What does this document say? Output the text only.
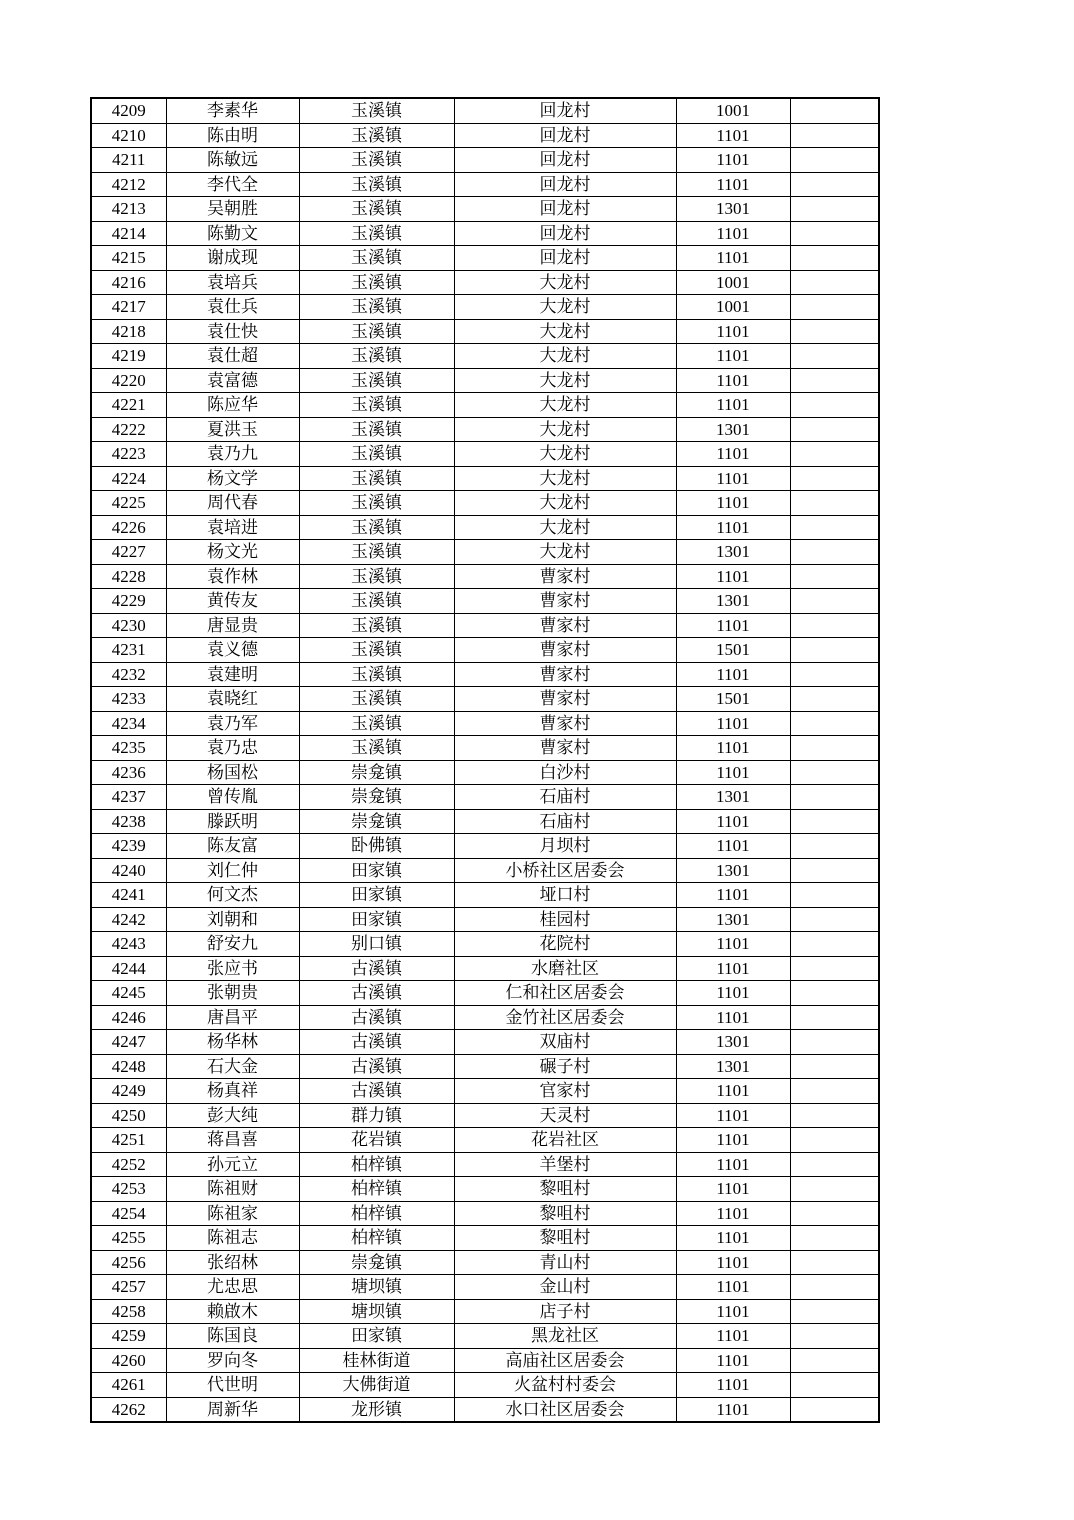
4209	李素华	玉溪镇	回龙村	1001	
4210	陈由明	玉溪镇	回龙村	1101	
4211	陈敏远	玉溪镇	回龙村	1101	
4212	李代全	玉溪镇	回龙村	1101	
4213	吴朝胜	玉溪镇	回龙村	1301	
4214	陈勤文	玉溪镇	回龙村	1101	
4215	谢成现	玉溪镇	回龙村	1101	
4216	袁培兵	玉溪镇	大龙村	1001	
4217	袁仕兵	玉溪镇	大龙村	1001	
4218	袁仕快	玉溪镇	大龙村	1101	
4219	袁仕超	玉溪镇	大龙村	1101	
4220	袁富德	玉溪镇	大龙村	1101	
4221	陈应华	玉溪镇	大龙村	1101	
4222	夏洪玉	玉溪镇	大龙村	1301	
4223	袁乃九	玉溪镇	大龙村	1101	
4224	杨文学	玉溪镇	大龙村	1101	
4225	周代春	玉溪镇	大龙村	1101	
4226	袁培进	玉溪镇	大龙村	1101	
4227	杨文光	玉溪镇	大龙村	1301	
4228	袁作林	玉溪镇	曹家村	1101	
4229	黄传友	玉溪镇	曹家村	1301	
4230	唐显贵	玉溪镇	曹家村	1101	
4231	袁义德	玉溪镇	曹家村	1501	
4232	袁建明	玉溪镇	曹家村	1101	
4233	袁晓红	玉溪镇	曹家村	1501	
4234	袁乃军	玉溪镇	曹家村	1101	
4235	袁乃忠	玉溪镇	曹家村	1101	
4236	杨国松	崇龛镇	白沙村	1101	
4237	曾传胤	崇龛镇	石庙村	1301	
4238	滕跃明	崇龛镇	石庙村	1101	
4239	陈友富	卧佛镇	月坝村	1101	
4240	刘仁仲	田家镇	小桥社区居委会	1301	
4241	何文杰	田家镇	垭口村	1101	
4242	刘朝和	田家镇	桂园村	1301	
4243	舒安九	别口镇	花院村	1101	
4244	张应书	古溪镇	水磨社区	1101	
4245	张朝贵	古溪镇	仁和社区居委会	1101	
4246	唐昌平	古溪镇	金竹社区居委会	1101	
4247	杨华林	古溪镇	双庙村	1301	
4248	石大金	古溪镇	碾子村	1301	
4249	杨真祥	古溪镇	官家村	1101	
4250	彭大纯	群力镇	天灵村	1101	
4251	蒋昌喜	花岩镇	花岩社区	1101	
4252	孙元立	柏梓镇	羊堡村	1101	
4253	陈祖财	柏梓镇	黎咀村	1101	
4254	陈祖家	柏梓镇	黎咀村	1101	
4255	陈祖志	柏梓镇	黎咀村	1101	
4256	张绍林	崇龛镇	青山村	1101	
4257	尤忠思	塘坝镇	金山村	1101	
4258	赖啟木	塘坝镇	店子村	1101	
4259	陈国良	田家镇	黑龙社区	1101	
4260	罗向冬	桂林街道	高庙社区居委会	1101	
4261	代世明	大佛街道	火盆村村委会	1101	
4262	周新华	龙形镇	水口社区居委会	1101	
